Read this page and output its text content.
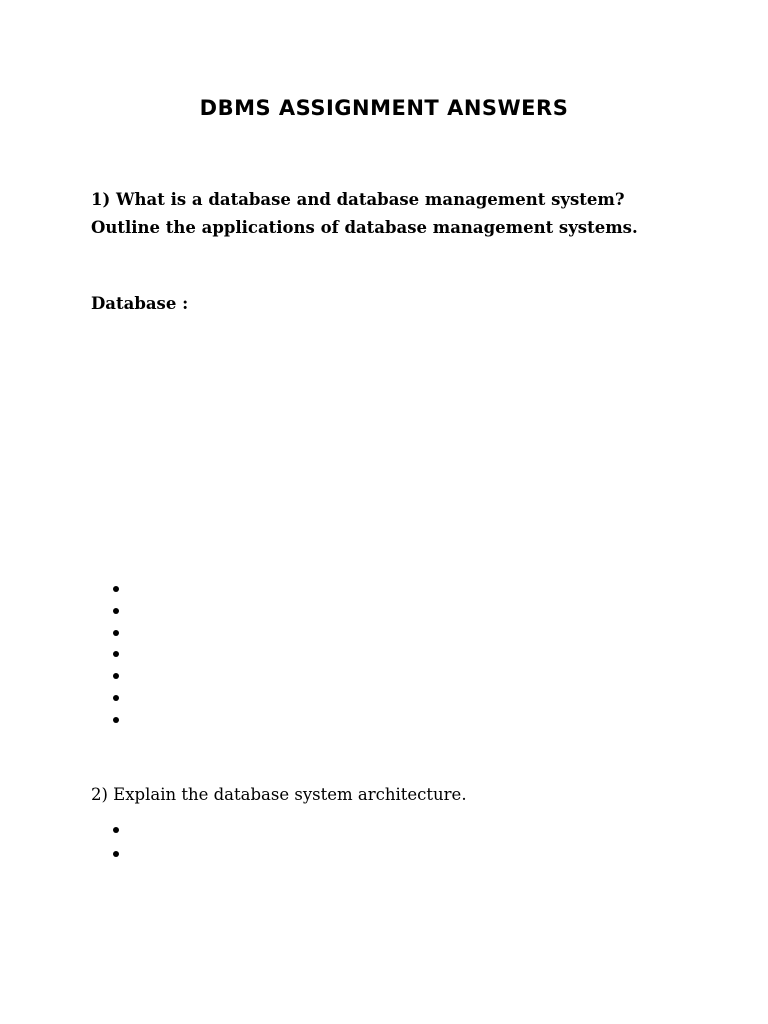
DBMS ASSIGNMENT ANSWERS
1) What is a database and database management system?
Outline the applications of database management systems.
Database :
2) Explain the database system architecture.
